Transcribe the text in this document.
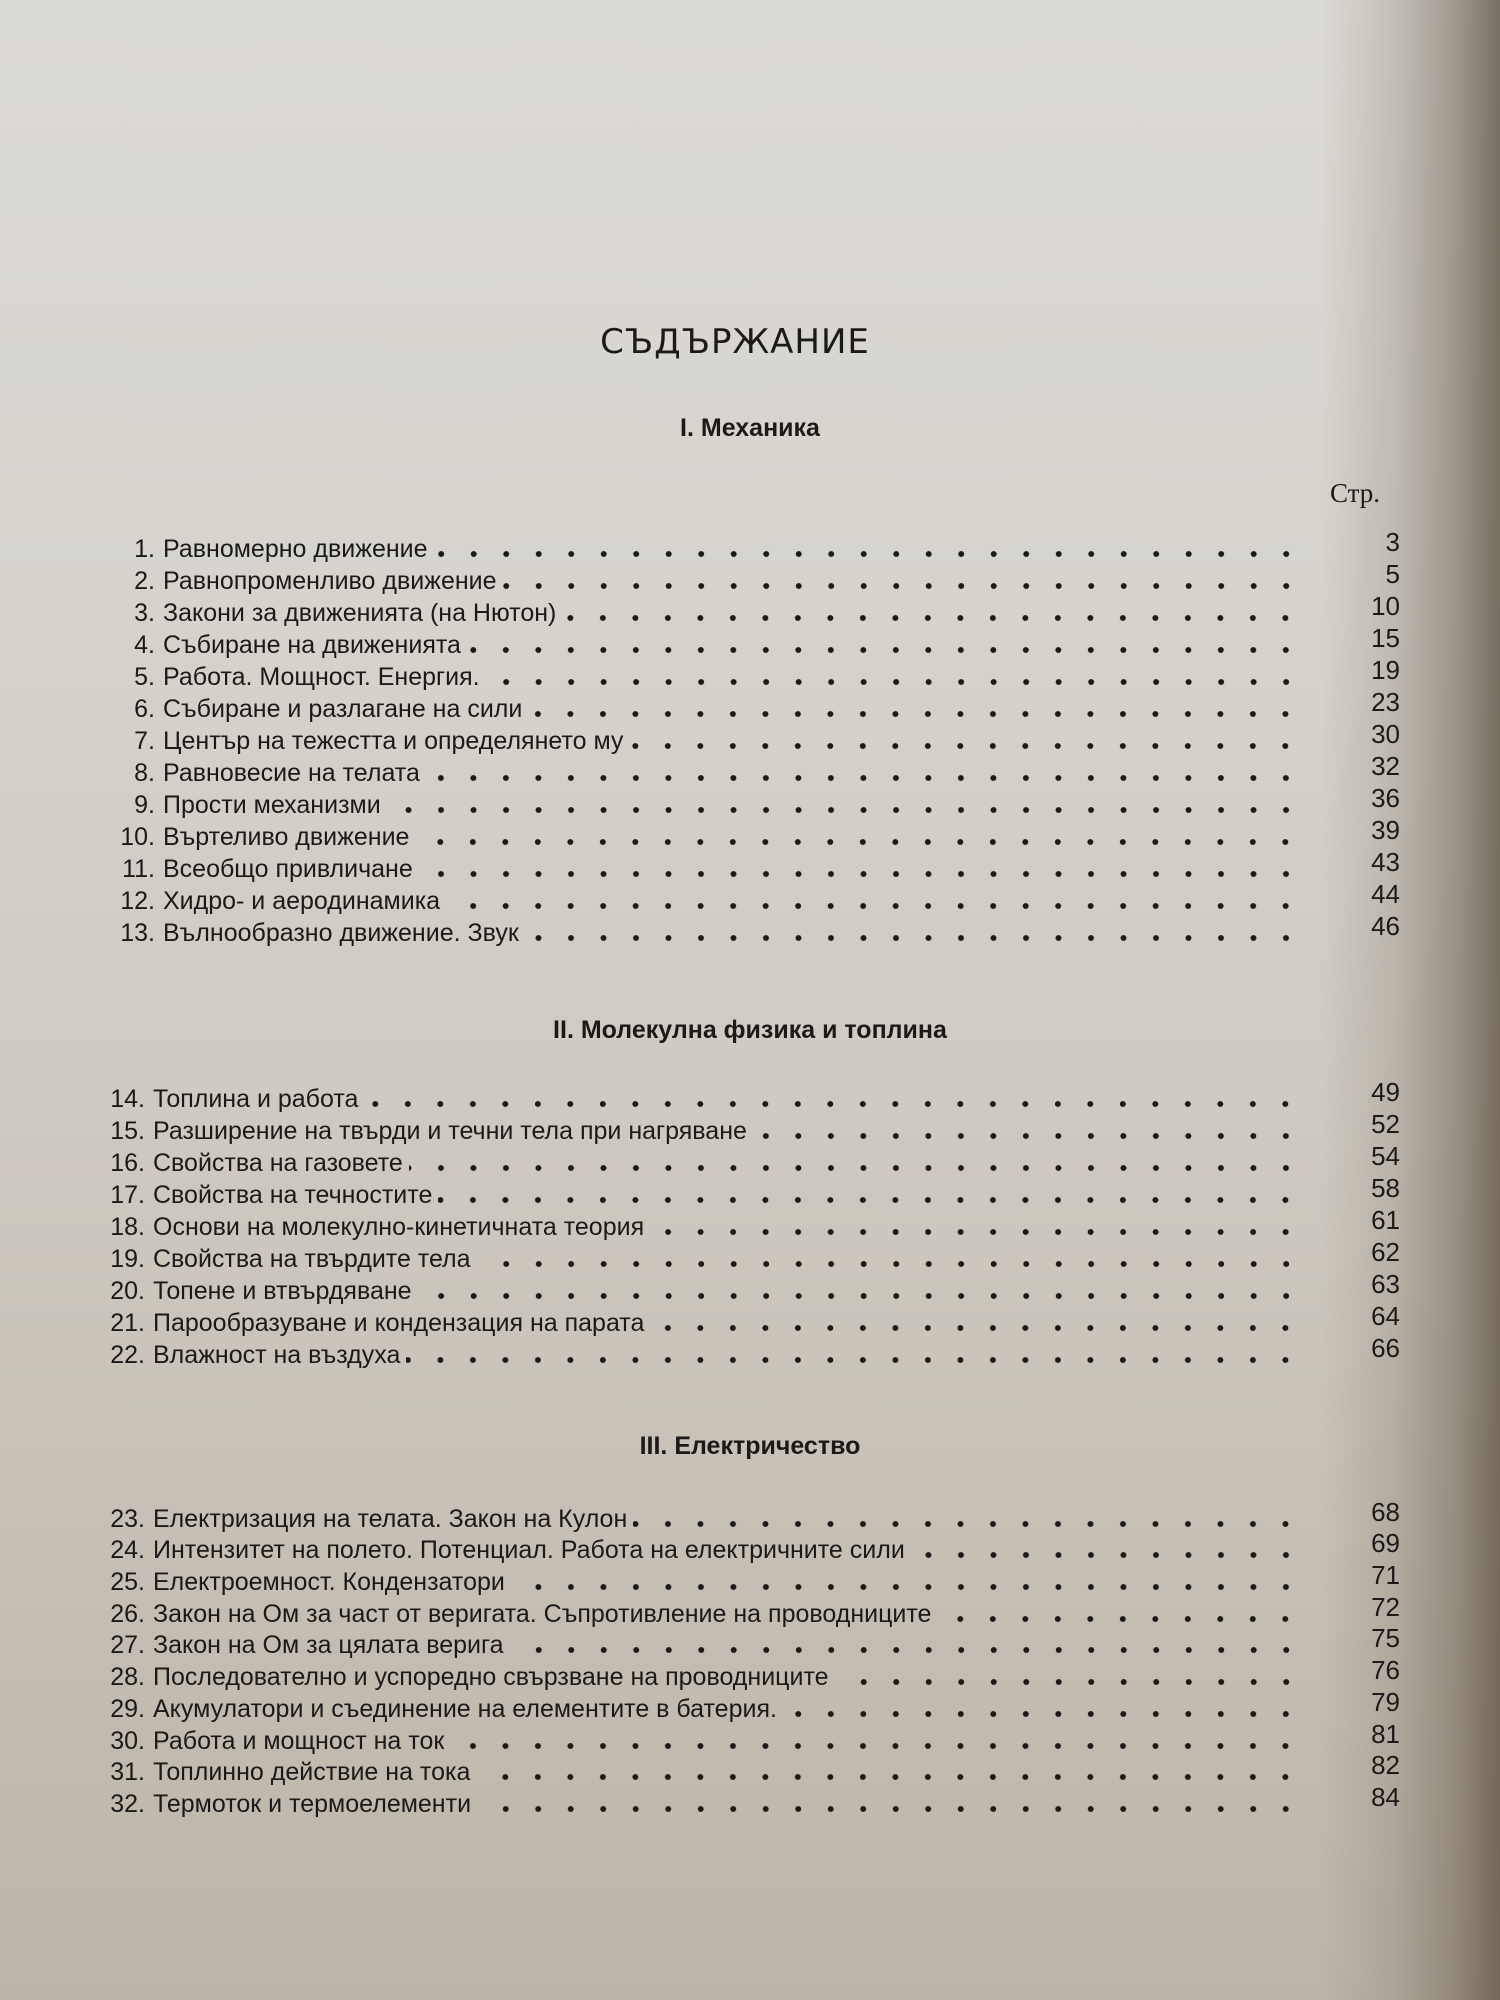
СЪДЪРЖАНИЕ
I. Механика
Стр.
1. Равномерно движение	3
2. Равнопроменливо движение	5
3. Закони за движенията (на Нютон)	10
4. Събиране на движенията	15
5. Работа. Мощност. Енергия.	19
6. Събиране и разлагане на сили	23
7. Център на тежестта и определянето му	30
8. Равновесие на телата	32
9. Прости механизми	36
10. Въртеливо движение	39
11. Всеобщо привличане	43
12. Хидро- и аеродинамика	44
13. Вълнообразно движение. Звук	46
II. Молекулна физика и топлина
14. Топлина и работа	49
15. Разширение на твърди и течни тела при нагряване	52
16. Свойства на газовете	54
17. Свойства на течностите	58
18. Основи на молекулно-кинетичната теория	61
19. Свойства на твърдите тела	62
20. Топене и втвърдяване	63
21. Парообразуване и кондензация на парата	64
22. Влажност на въздуха	66
III. Електричество
23. Електризация на телата. Закон на Кулон	68
24. Интензитет на полето. Потенциал. Работа на електричните сили	69
25. Електроемност. Кондензатори	71
26. Закон на Ом за част от веригата. Съпротивление на проводниците	72
27. Закон на Ом за цялата верига	75
28. Последователно и успоредно свързване на проводниците	76
29. Акумулатори и съединение на елементите в батерия.	79
30. Работа и мощност на ток	81
31. Топлинно действие на тока	82
32. Термоток и термоелементи	84
